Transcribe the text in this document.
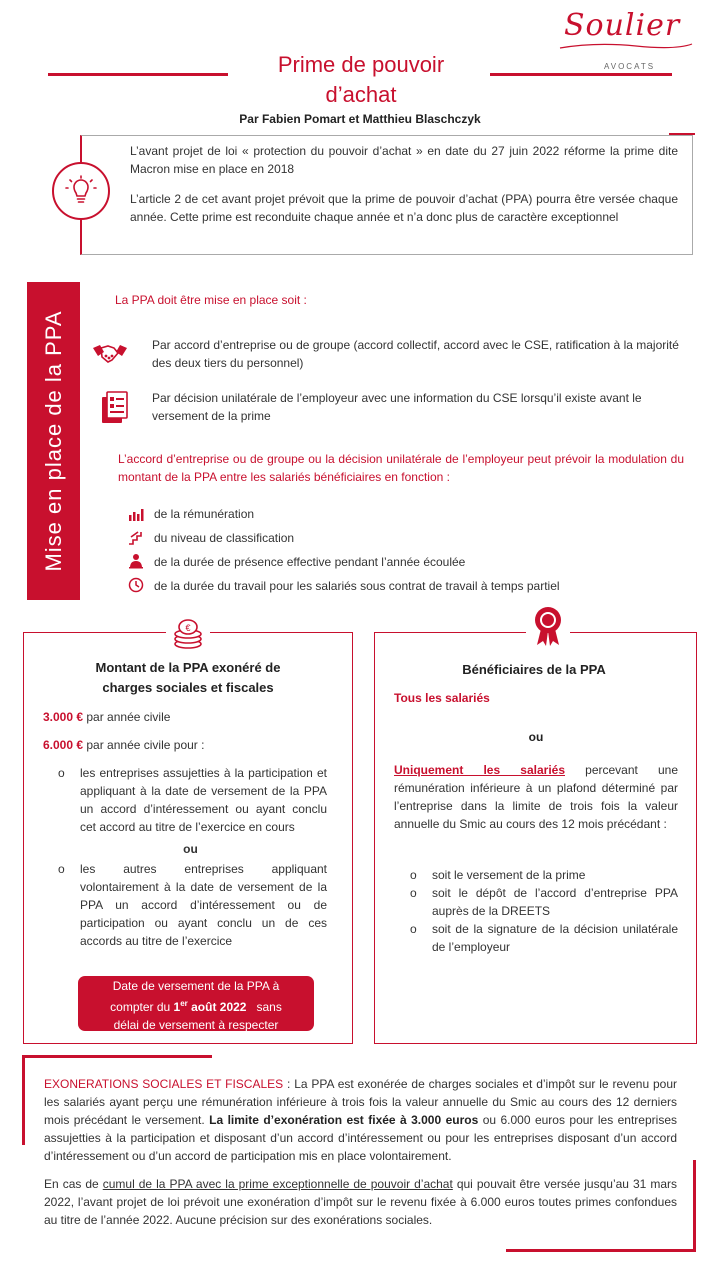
Prime de pouvoir
d’achat
Par Fabien Pomart et Matthieu Blaschczyk
Soulier
AVOCATS

L’avant projet de loi « protection du pouvoir d’achat » en date du 27 juin 2022 réforme la prime dite Macron mise en place en 2018

L’article 2 de cet avant projet prévoit que la prime de pouvoir d’achat (PPA) pourra être versée chaque année. Cette prime est reconduite chaque année et n’a donc plus de caractère exceptionnel

Mise en place de la PPA
La PPA doit être mise en place soit :
Par accord d’entreprise ou de groupe (accord collectif, accord avec le CSE, ratification à la majorité des deux tiers du personnel)
Par décision unilatérale de l’employeur avec une information du CSE lorsqu’il existe avant le versement de la prime
L’accord d’entreprise ou de groupe ou la décision unilatérale de l’employeur peut prévoir la modulation du montant de la PPA entre les salariés bénéficiaires en fonction :
de la rémunération
du niveau de classification
de la durée de présence effective pendant l’année écoulée
de la durée du travail pour les salariés sous contrat de travail à temps partiel
€
Montant de la PPA exonéré de
charges sociales et fiscales
3.000 € par année civile
6.000 € par année civile pour :
o les entreprises assujetties à la participation et appliquant à la date de versement de la PPA un accord d’intéressement ou ayant conclu cet accord au titre de l’exercice en cours
ou
o les autres entreprises appliquant volontairement à la date de versement de la PPA un accord d’intéressement ou de participation ou ayant conclu un de ces accords au titre de l’exercice
Date de versement de la PPA à
compter du 1er août 2022   sans
délai de versement à respecter
Bénéficiaires de la PPA
Tous les salariés
ou
Uniquement les salariés percevant une rémunération inférieure à un plafond déterminé par l’entreprise dans la limite de trois fois la valeur annuelle du Smic au cours des 12 mois précédant :
o soit le versement de la prime
o soit le dépôt de l’accord d’entreprise PPA auprès de la DREETS
o soit de la signature de la décision unilatérale de l’employeur

EXONERATIONS SOCIALES ET FISCALES : La PPA est exonérée de charges sociales et d’impôt sur le revenu pour les salariés ayant perçu une rémunération inférieure à trois fois la valeur annuelle du Smic au cours des 12 derniers mois précédant le versement. La limite d’exonération est fixée à 3.000 euros ou 6.000 euros pour les entreprises assujetties à la participation et disposant d’un accord d’intéressement ou pour les entreprises disposant d’un accord d’intéressement ou d’un accord de participation mis en place volontairement.

En cas de cumul de la PPA avec la prime exceptionnelle de pouvoir d’achat qui pouvait être versée jusqu’au 31 mars 2022, l’avant projet de loi prévoit une exonération d’impôt sur le revenu fixée à 6.000 euros toutes primes confondues au titre de l’année 2022. Aucune précision sur des exonérations sociales.
